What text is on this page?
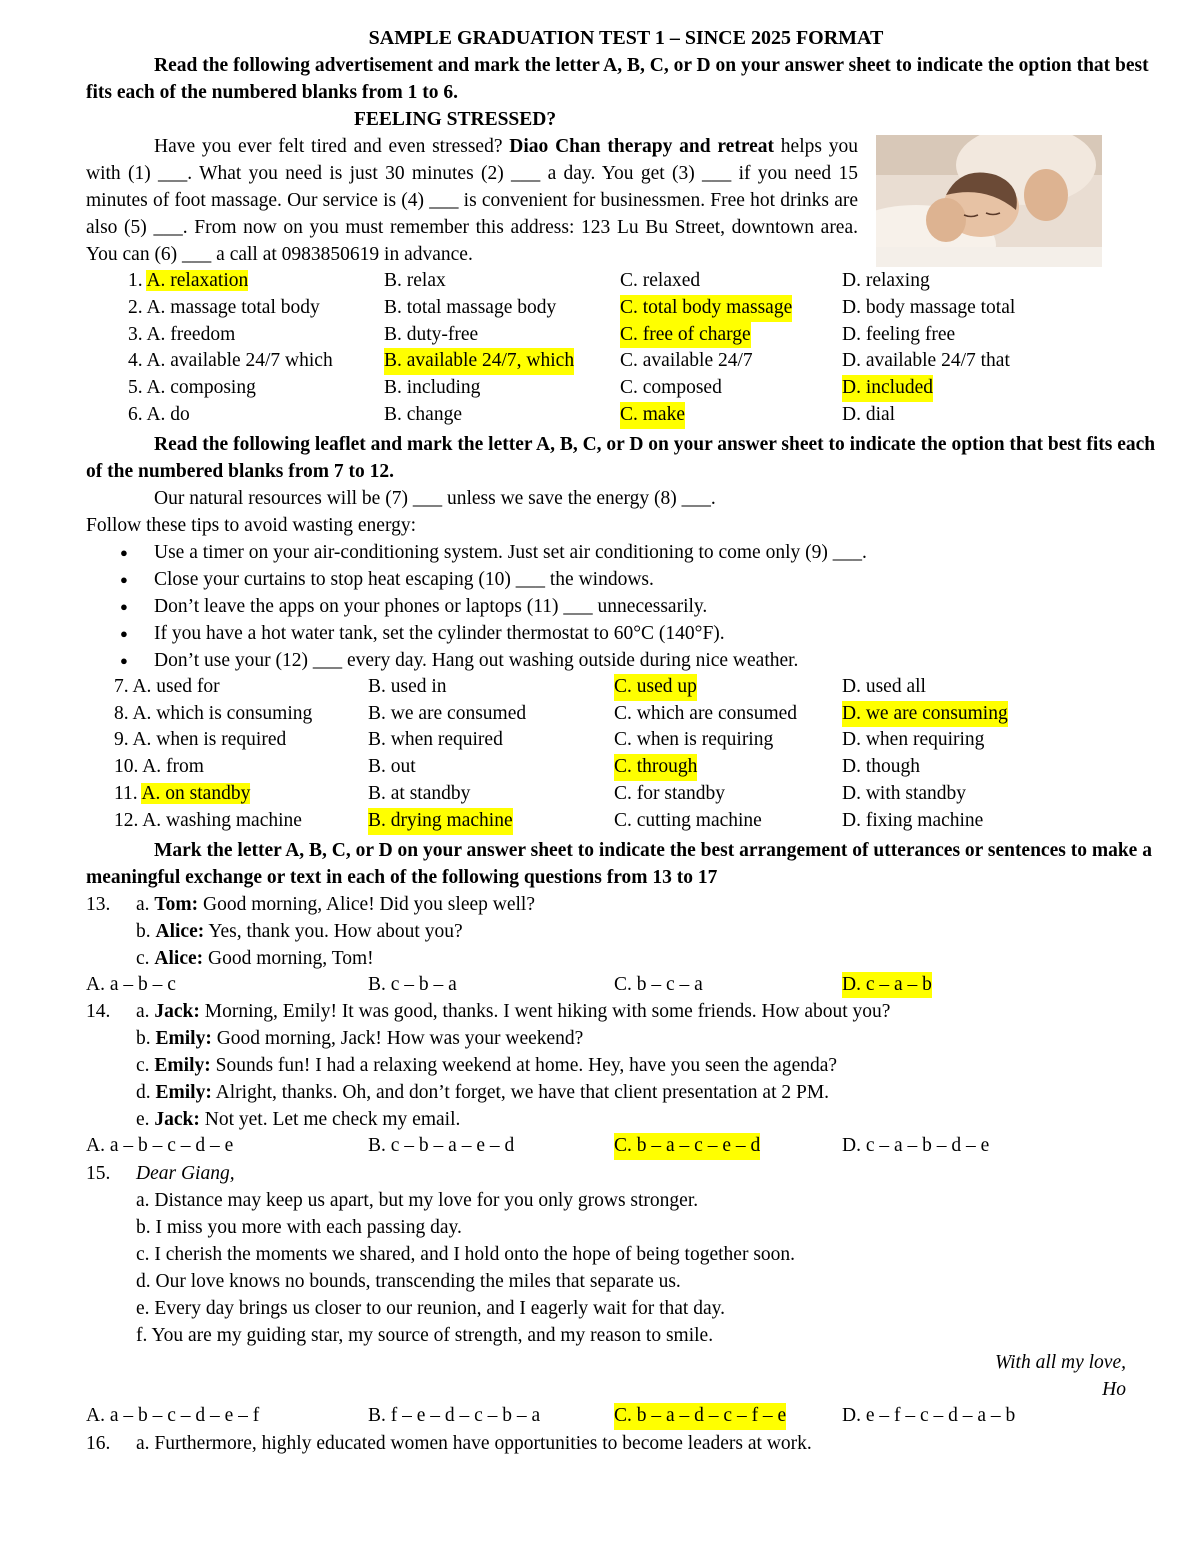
SAMPLE GRADUATION TEST 1 – SINCE 2025 FORMAT
Read the following advertisement and mark the letter A, B, C, or D on your answer sheet to indicate the option that best fits each of the numbered blanks from 1 to 6.
FEELING STRESSED?
Have you ever felt tired and even stressed? Diao Chan therapy and retreat helps you with (1) ___. What you need is just 30 minutes (2) ___ a day. You get (3) ___ if you need 15 minutes of foot massage. Our service is (4) ___ is convenient for businessmen. Free hot drinks are also (5) ___. From now on you must remember this address: 123 Lu Bu Street, downtown area. You can (6) ___ a call at 0983850619 in advance.
1. A. relaxation	B. relax	C. relaxed	D. relaxing
2. A. massage total body	B. total massage body	C. total body massage	D. body massage total
3. A. freedom	B. duty-free	C. free of charge	D. feeling free
4. A. available 24/7 which	B. available 24/7, which C. available 24/7	D. available 24/7 that
5. A. composing	B. including	C. composed	D. included
6. A. do	B. change	C. make	D. dial
Read the following leaflet and mark the letter A, B, C, or D on your answer sheet to indicate the option that best fits each of the numbered blanks from 7 to 12.
Our natural resources will be (7) ___ unless we save the energy (8) ___.
Follow these tips to avoid wasting energy:
● Use a timer on your air-conditioning system. Just set air conditioning to come only (9) ___.
● Close your curtains to stop heat escaping (10) ___ the windows.
● Don’t leave the apps on your phones or laptops (11) ___ unnecessarily.
● If you have a hot water tank, set the cylinder thermostat to 60°C (140°F).
● Don’t use your (12) ___ every day. Hang out washing outside during nice weather.
7. A. used for	B. used in	C. used up	D. used all
8. A. which is consuming	B. we are consumed	C. which are consumed D. we are consuming
9. A. when is required	B. when required	C. when is requiring	D. when requiring
10. A. from	B. out	C. through	D. though
11. A. on standby	B. at standby	C. for standby	D. with standby
12. A. washing machine	B. drying machine	C. cutting machine	D. fixing machine
Mark the letter A, B, C, or D on your answer sheet to indicate the best arrangement of utterances or sentences to make a meaningful exchange or text in each of the following questions from 13 to 17
13. a. Tom: Good morning, Alice! Did you sleep well?
b. Alice: Yes, thank you. How about you?
c. Alice: Good morning, Tom!
A. a – b – c	B. c – b – a	C. b – c – a	D. c – a – b
14. a. Jack: Morning, Emily! It was good, thanks. I went hiking with some friends. How about you?
b. Emily: Good morning, Jack! How was your weekend?
c. Emily: Sounds fun! I had a relaxing weekend at home. Hey, have you seen the agenda?
d. Emily: Alright, thanks. Oh, and don’t forget, we have that client presentation at 2 PM.
e. Jack: Not yet. Let me check my email.
A. a – b – c – d – e	B. c – b – a – e – d	C. b – a – c – e – d	D. c – a – b – d – e
15. Dear Giang,
a. Distance may keep us apart, but my love for you only grows stronger.
b. I miss you more with each passing day.
c. I cherish the moments we shared, and I hold onto the hope of being together soon.
d. Our love knows no bounds, transcending the miles that separate us.
e. Every day brings us closer to our reunion, and I eagerly wait for that day.
f. You are my guiding star, my source of strength, and my reason to smile.
With all my love,
Ho
A. a – b – c – d – e – f	B. f – e – d – c – b – a	C. b – a – d – c – f – e	D. e – f – c – d – a – b
16. a. Furthermore, highly educated women have opportunities to become leaders at work.
